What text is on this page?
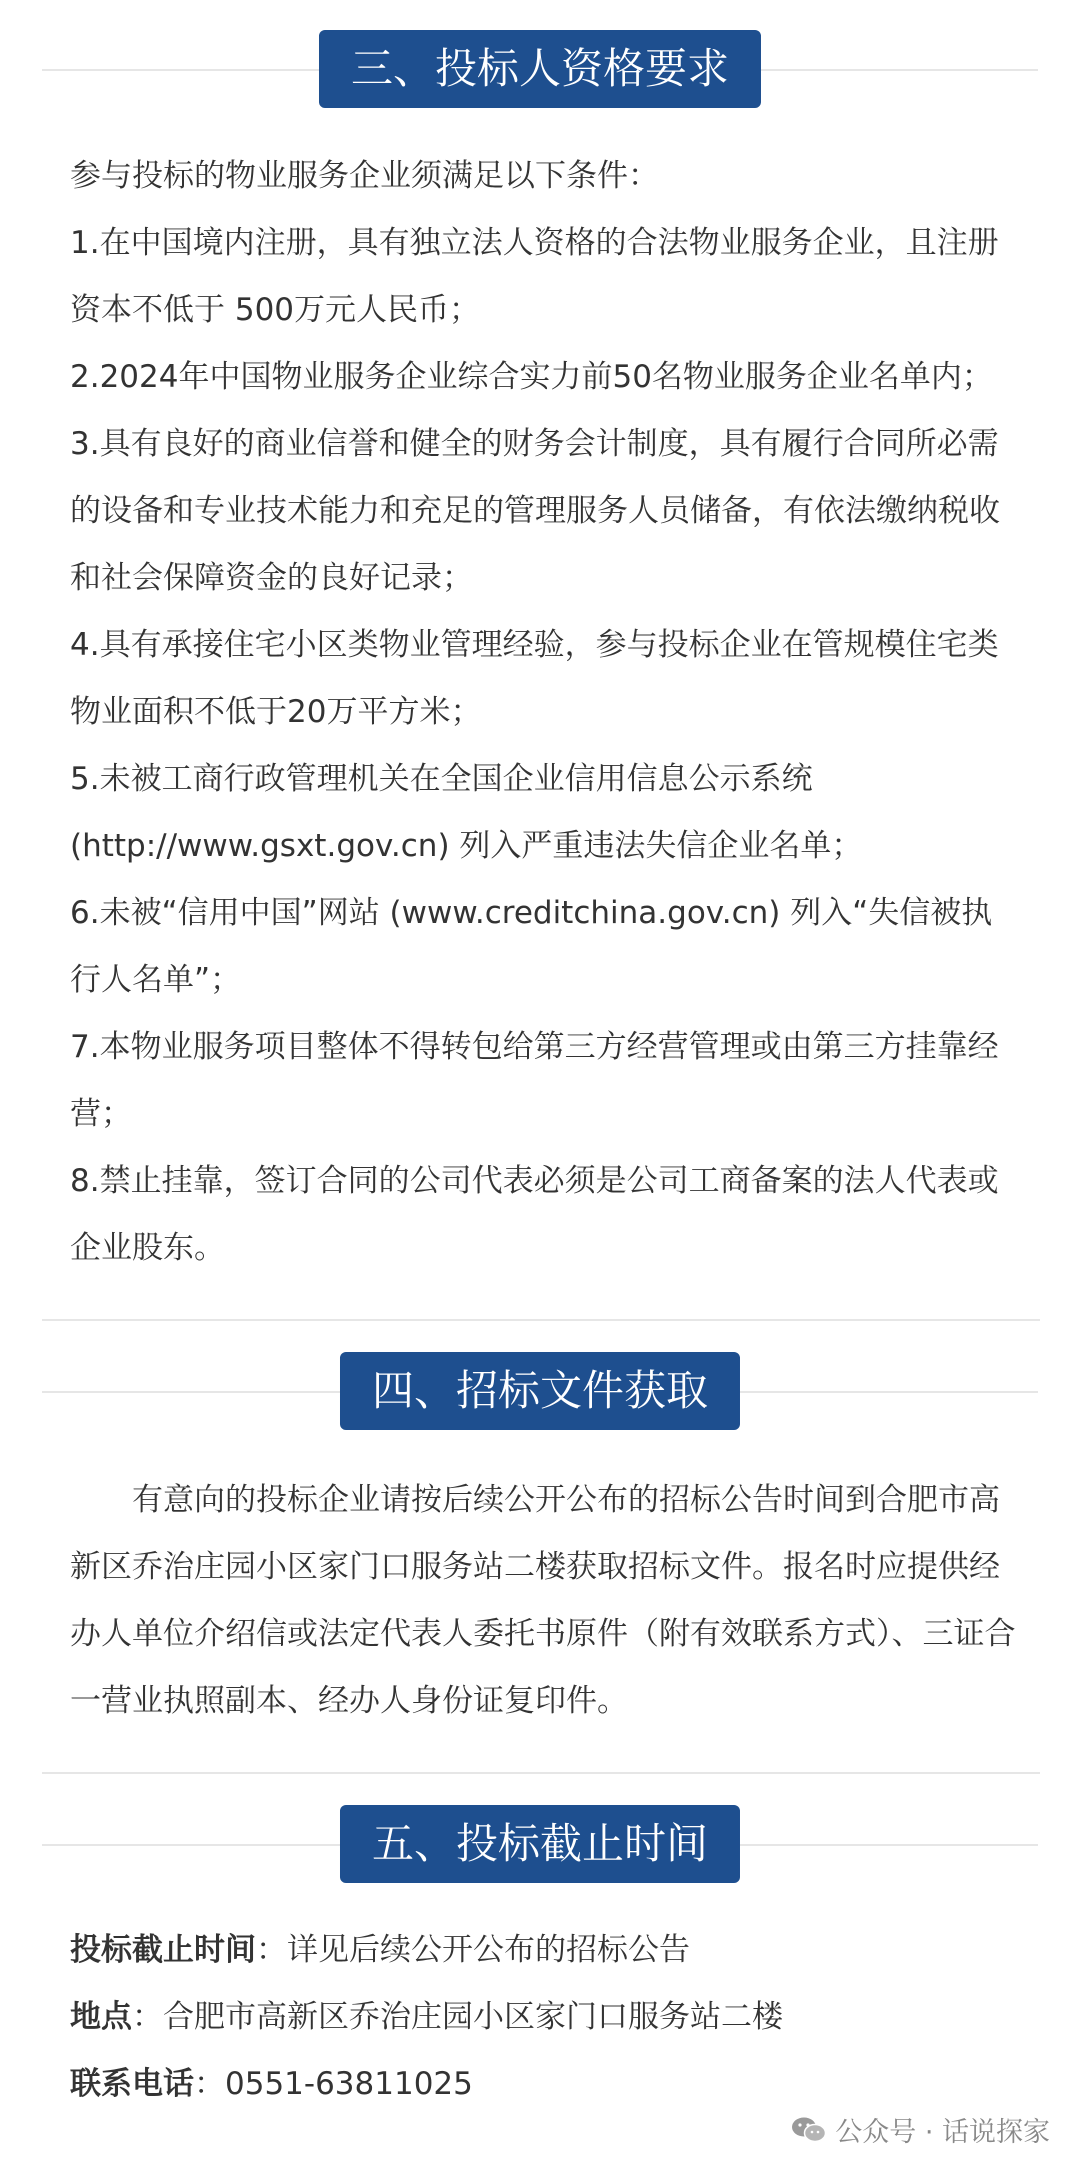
三、投标人资格要求

参与投标的物业服务企业须满足以下条件：

1.在中国境内注册，具有独立法人资格的合法物业服务企业，且注册资本不低于 500万元人民币；

2.2024年中国物业服务企业综合实力前50名物业服务企业名单内；

3.具有良好的商业信誉和健全的财务会计制度，具有履行合同所必需的设备和专业技术能力和充足的管理服务人员储备，有依法缴纳税收和社会保障资金的良好记录；

4.具有承接住宅小区类物业管理经验，参与投标企业在管规模住宅类物业面积不低于20万平方米；

5.未被工商行政管理机关在全国企业信用信息公示系统(http://www.gsxt.gov.cn) 列入严重违法失信企业名单；

6.未被“信用中国”网站 (www.creditchina.gov.cn) 列入“失信被执行人名单”；

7.本物业服务项目整体不得转包给第三方经营管理或由第三方挂靠经营；

8.禁止挂靠，签订合同的公司代表必须是公司工商备案的法人代表或企业股东。

四、招标文件获取

有意向的投标企业请按后续公开公布的招标公告时间到合肥市高新区乔治庄园小区家门口服务站二楼获取招标文件。报名时应提供经办人单位介绍信或法定代表人委托书原件（附有效联系方式）、三证合一营业执照副本、经办人身份证复印件。

五、投标截止时间
投标截止时间：详见后续公开公布的招标公告
地点：合肥市高新区乔治庄园小区家门口服务站二楼
联系电话：0551-63811025
公众号 · 话说探家
